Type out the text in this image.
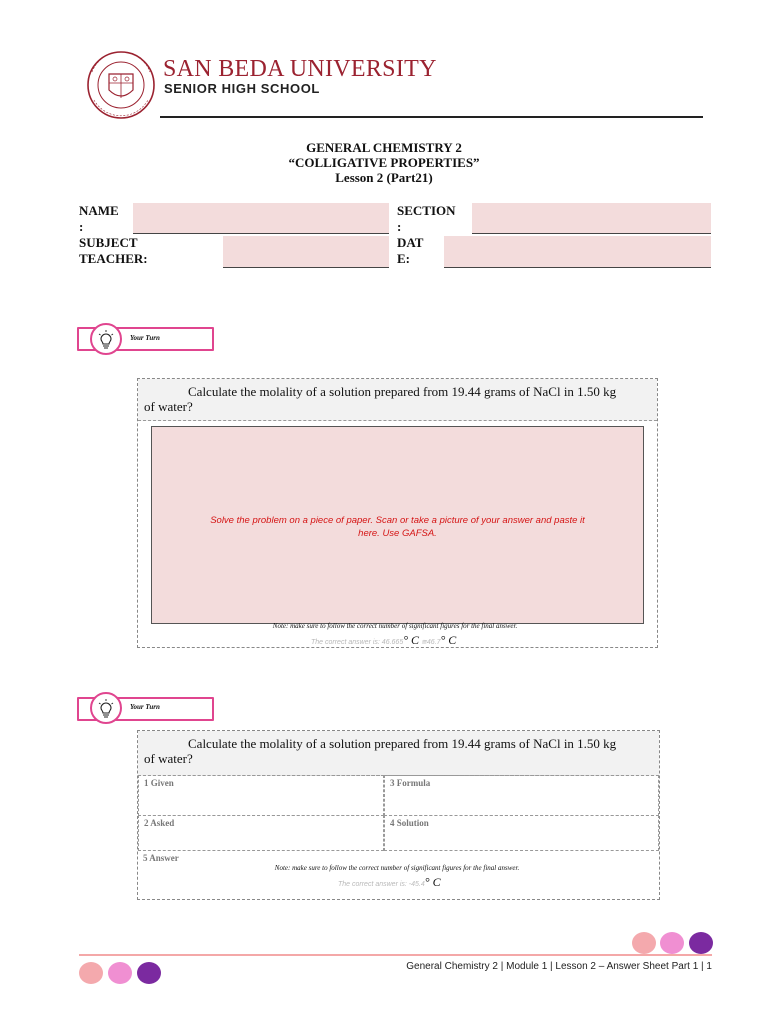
SAN BEDA UNIVERSITY
SENIOR HIGH SCHOOL
GENERAL CHEMISTRY 2
“COLLIGATIVE PROPERTIES”
Lesson 2 (Part21)
NAME
:
SECTION
:
SUBJECT
TEACHER:
DAT
E:
Your Turn
Calculate the molality of a solution prepared from 19.44 grams of NaCl in 1.50 kg
of water?
Solve the problem on a piece of paper. Scan or take a picture of your answer and paste it
here. Use GAFSA.
Note: make sure to follow the correct number of significant figures for the final answer.
The correct answer is: 46.665° C ≅46.7° C
Your Turn
Calculate the molality of a solution prepared from 19.44 grams of NaCl in 1.50 kg
of water?
1 Given	3 Formula
2 Asked	4 Solution
5 Answer
Note: make sure to follow the correct number of significant figures for the final answer.
The correct answer is: -45.4° C
General Chemistry 2 | Module 1 | Lesson 2 – Answer Sheet Part 1 | 1
